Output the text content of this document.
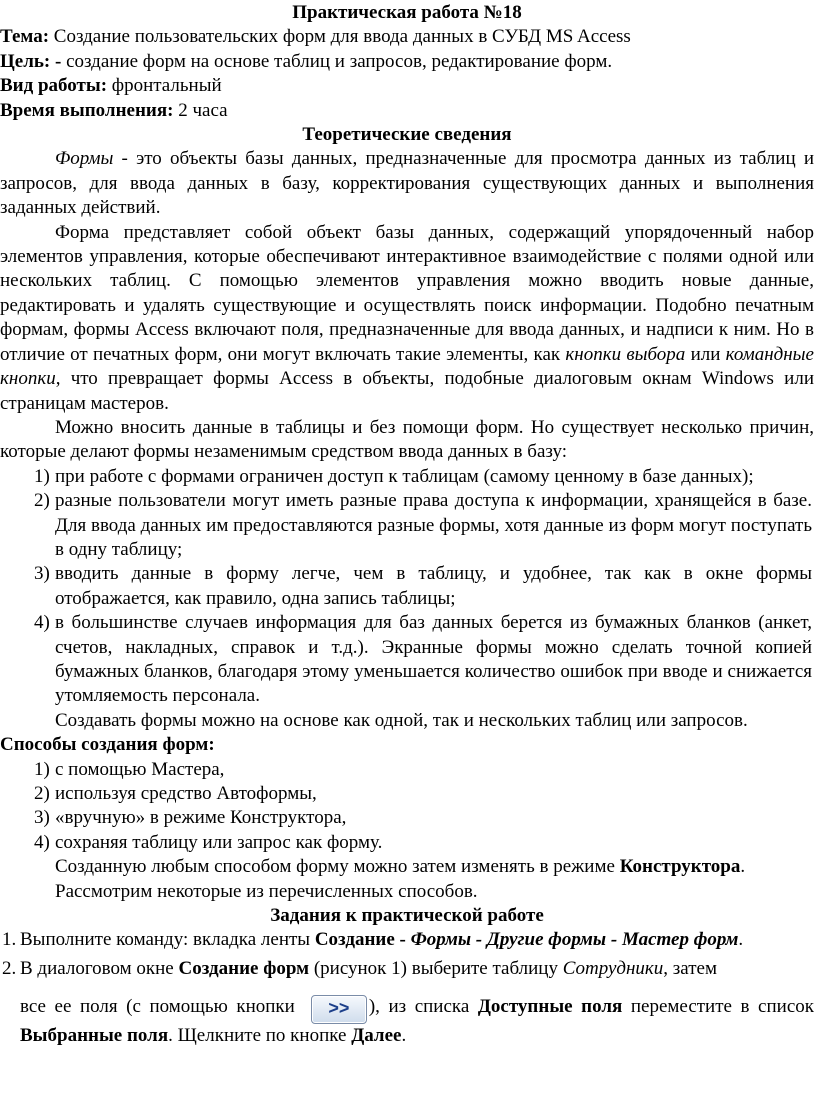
Практическая работа №18

Тема: Создание пользовательских форм для ввода данных в СУБД MS Access

Цель: - создание форм на основе таблиц и запросов, редактирование форм.

Вид работы: фронтальный

Время выполнения: 2 часа

Теоретические сведения

Формы - это объекты базы данных, предназначенные для просмотра данных из таблиц и запросов, для ввода данных в базу, корректирования существующих данных и выполнения заданных действий.

Форма представляет собой объект базы данных, содержащий упорядоченный набор элементов управления, которые обеспечивают интерактивное взаимодействие с полями одной или нескольких таблиц. С помощью элементов управления можно вводить новые данные, редактировать и удалять существующие и осуществлять поиск информации. Подобно печатным формам, формы Access включают поля, предназначенные для ввода данных, и надписи к ним. Но в отличие от печатных форм, они могут включать такие элементы, как кнопки выбора или командные кнопки, что превращает формы Access в объекты, подобные диалоговым окнам Windows или страницам мастеров.

Можно вносить данные в таблицы и без помощи форм. Но существует несколько причин, которые делают формы незаменимым средством ввода данных в базу:

1) при работе с формами ограничен доступ к таблицам (самому ценному в базе данных);
2) разные пользователи могут иметь разные права доступа к информации, хранящейся в базе. Для ввода данных им предоставляются разные формы, хотя данные из форм могут поступать в одну таблицу;
3) вводить данные в форму легче, чем в таблицу, и удобнее, так как в окне формы отображается, как правило, одна запись таблицы;
4) в большинстве случаев информация для баз данных берется из бумажных бланков (анкет, счетов, накладных, справок и т.д.). Экранные формы можно сделать точной копией бумажных бланков, благодаря этому уменьшается количество ошибок при вводе и снижается утомляемость персонала.

Создавать формы можно на основе как одной, так и нескольких таблиц или запросов.

Способы создания форм:

1) с помощью Мастера,
2) используя средство Автоформы,
3) «вручную» в режиме Конструктора,
4) сохраняя таблицу или запрос как форму.

Созданную любым способом форму можно затем изменять в режиме Конструктора.

Рассмотрим некоторые из перечисленных способов.

Задания к практической работе

1. Выполните команду: вкладка ленты Создание - Формы - Другие формы - Мастер форм.
2. В диалоговом окне Создание форм (рисунок 1) выберите таблицу Сотрудники, затем
все ее поля (с помощью кнопки >> ), из списка Доступные поля переместите в список Выбранные поля. Щелкните по кнопке Далее.
